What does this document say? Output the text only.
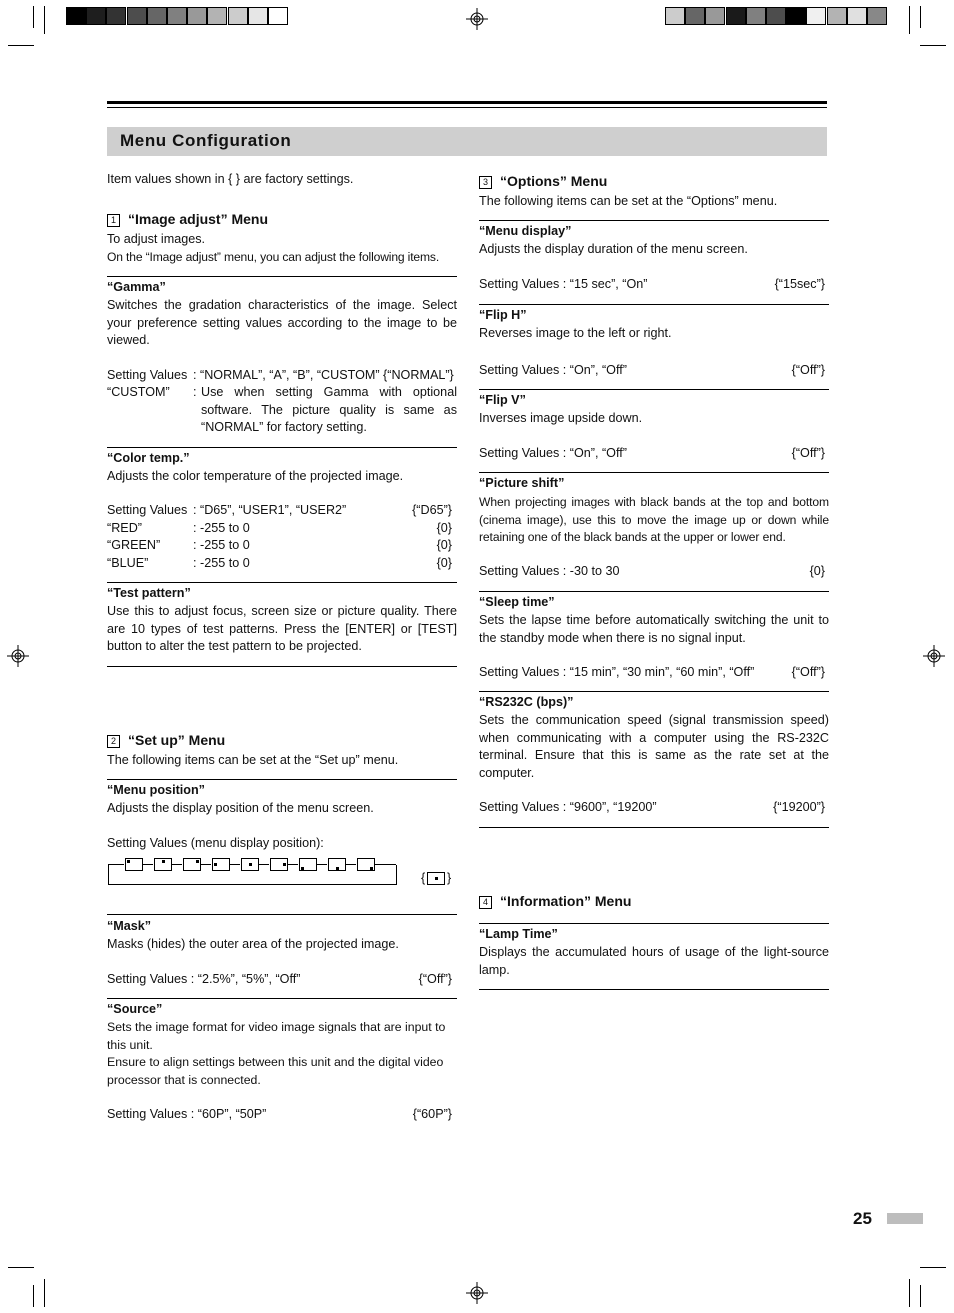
Menu Configuration
Item values shown in { } are factory settings.
1 “Image adjust” Menu
To adjust images.
On the “Image adjust” menu, you can adjust the following items.
“Gamma”
Switches the gradation characteristics of the image. Select your preference setting values according to the image to be viewed.
Setting Values : “NORMAL”, “A”, “B”, “CUSTOM” {“NORMAL”}
“CUSTOM” : Use when setting Gamma with optional software. The picture quality is same as “NORMAL” for factory setting.
“Color temp.”
Adjusts the color temperature of the projected image.
Setting Values : “D65”, “USER1”, “USER2”	{“D65”}
“RED”	: -255 to 0	{0}
“GREEN”	: -255 to 0	{0}
“BLUE”	: -255 to 0	{0}
“Test pattern”
Use this to adjust focus, screen size or picture quality. There are 10 types of test patterns. Press the [ENTER] or [TEST] button to alter the test pattern to be projected.
2 “Set up” Menu
The following items can be set at the “Set up” menu.
“Menu position”
Adjusts the display position of the menu screen.
Setting Values (menu display position):
{ }
“Mask”
Masks (hides) the outer area of the projected image.
Setting Values : “2.5%”, “5%”, “Off”	{“Off”}
“Source”
Sets the image format for video image signals that are input to this unit.
Ensure to align settings between this unit and the digital video processor that is connected.
Setting Values : “60P”, “50P”	{“60P”}
3 “Options” Menu
The following items can be set at the “Options” menu.
“Menu display”
Adjusts the display duration of the menu screen.
Setting Values : “15 sec”, “On”	{“15sec”}
“Flip H”
Reverses image to the left or right.
Setting Values : “On”, “Off”	{“Off”}
“Flip V”
Inverses image upside down.
Setting Values : “On”, “Off”	{“Off”}
“Picture shift”
When projecting images with black bands at the top and bottom (cinema image), use this to move the image up or down while retaining one of the black bands at the upper or lower end.
Setting Values : -30 to 30	{0}
“Sleep time”
Sets the lapse time before automatically switching the unit to the standby mode when there is no signal input.
Setting Values : “15 min”, “30 min”, “60 min”, “Off”	{“Off”}
“RS232C (bps)”
Sets the communication speed (signal transmission speed) when communicating with a computer using the RS-232C terminal. Ensure that this is same as the rate set at the computer.
Setting Values : “9600”, “19200”	{“19200”}
4 “Information” Menu
“Lamp Time”
Displays the accumulated hours of usage of the light-source lamp.
25
